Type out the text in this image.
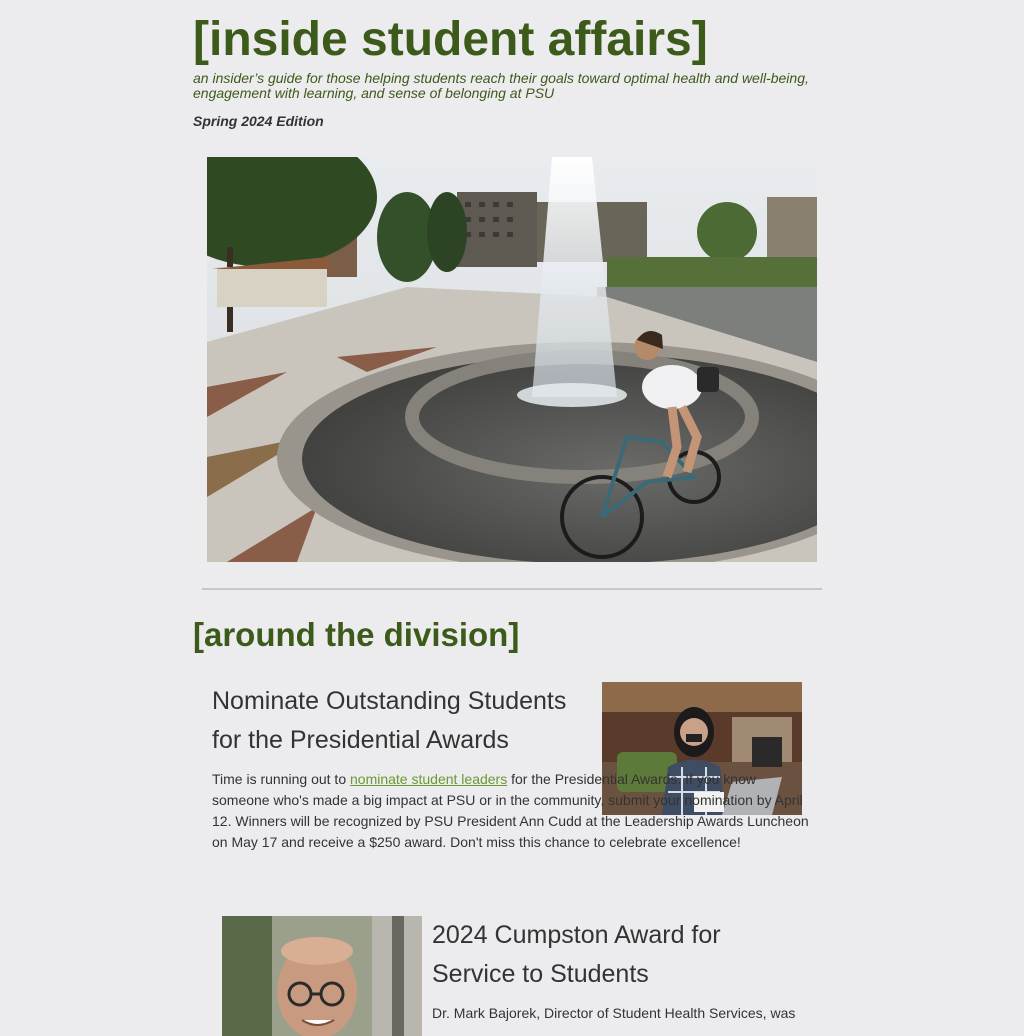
[inside student affairs]

an insider’s guide for those helping students reach their goals toward optimal health and well-being, engagement with learning, and sense of belonging at PSU

Spring 2024 Edition

[around the division]
Nominate Outstanding Students for the Presidential Awards
Time is running out to nominate student leaders for the Presidential Awards. If you know someone who's made a big impact at PSU or in the community, submit your nomination by April 12. Winners will be recognized by PSU President Ann Cudd at the Leadership Awards Luncheon on May 17 and receive a $250 award. Don't miss this chance to celebrate excellence!
2024 Cumpston Award for Service to Students

Dr. Mark Bajorek, Director of Student Health Services, was
